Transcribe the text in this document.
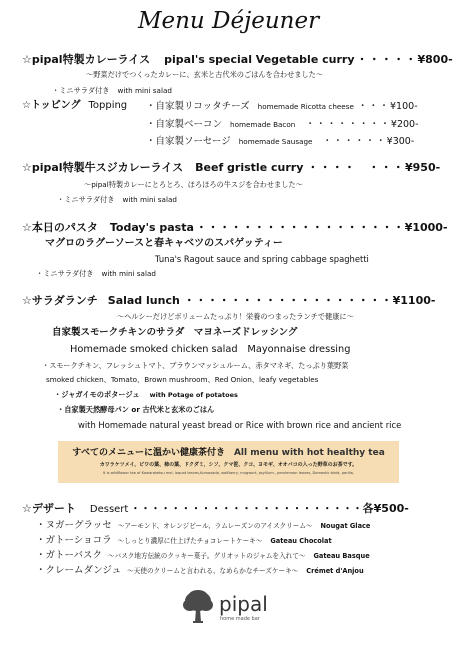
Menu Déjeuner
☆pipal特製カレーライス pipal's special Vegetable curry ・・・・・ ¥800-
〜野菜だけでつくったカレーに、玄米と古代米のごはんを合わせました〜
・ミニサラダ付き with mini salad
☆トッピング Topping ・自家製リコッタチーズ homemade Ricotta cheese ・・・ ¥100-
・自家製ベーコン homemade Bacon ・・・・・・・・ ¥200-
・自家製ソーセージ homemade Sausage ・・・・・・ ¥300-
☆pipal特製牛スジカレーライス Beef gristle curry ・・・・　・・・ ¥950-
〜pipal特製カレーにとろとろ、ほろほろの牛スジを合わせました〜
・ミニサラダ付き with mini salad
☆本日のパスタ Today's pasta ・・・・・・・・・・・・・・・・・・ ¥1000-
マグロのラグーソースと春キャベツのスパゲッティー
Tuna's Ragout sauce and spring cabbage spaghetti
・ミニサラダ付き with mini salad
☆サラダランチ Salad lunch ・・・・・・・・・・・・・・・・・・ ¥1100-
〜ヘルシーだけどボリュームたっぷり！栄養のつまったランチで健康に〜
自家製スモークチキンのサラダ　マヨネーズドレッシング
Homemade smoked chicken salad　Mayonnaise dressing
・スモークチキン、フレッシュトマト、ブラウンマッシュルーム、赤タマネギ、たっぷり葉野菜
smoked chicken、Tomato、Brown mushroom、Red Onion、leafy vegetables
・ジャガイモのポタージュ with Potage of potatoes
・自家製天然酵母パン or 古代米と玄米のごはん
with Homemade natural yeast bread or Rice with brown rice and ancient rice
すべてのメニューに温かい健康茶付き All menu with hot healthy tea
カワラケツメイ、ビワの葉、柿の葉、ドクダミ、シソ、クマ笹、クコ、ヨモギ、オオバコの入った野草のお茶です。
It is wildflower tea of Kawaraketsu mei, loquat leaves,Kumasada, wolfberry, mugwort, psyllium., persimmon leaves, Domestic birds, perilla,
☆デザート Dessert ・・・・・・・・・・・・・・・・・・・・・・・ 各¥500-
・ヌガーグラッセ 〜アーモンド、オレンジピール、ラムレーズンのアイスクリーム〜 Nougat Glace
・ガトーショコラ 〜しっとり濃厚に仕上げたチョコレートケーキ〜 Gateau Chocolat
・ガトーバスク 〜バスク地方伝統のクッキー菓子。グリオットのジャムを入れて〜 Gateau Basque
・クレームダンジュ 〜天使のクリームと言われる、なめらかなチーズケーキ〜 Crémet d'Anjou
pipal
home made bar
